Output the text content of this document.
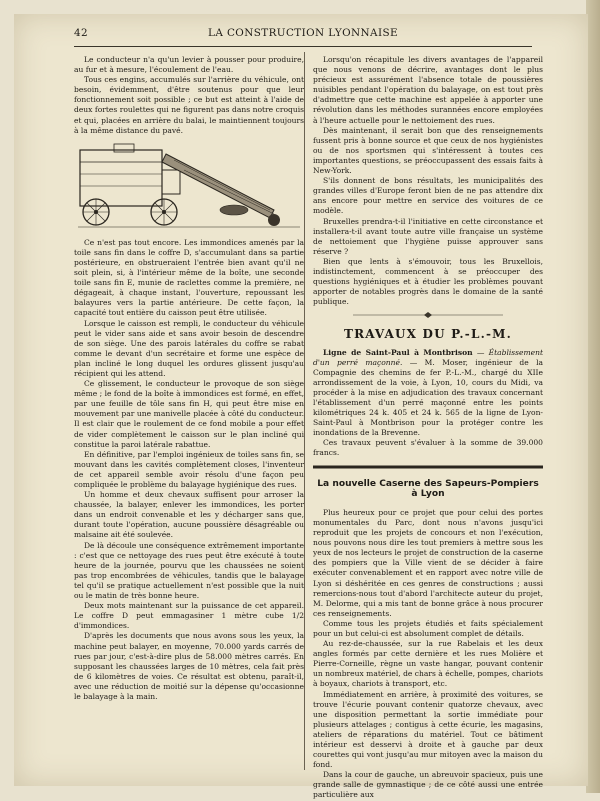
42	LA CONSTRUCTION LYONNAISE

Le conducteur n'a qu'un levier à pousser pour produire, au fur et à mesure, l'écoulement de l'eau.

Tous ces engins, accumulés sur l'arrière du véhicule, ont besoin, évidemment, d'être soutenus pour que leur fonctionnement soit possible ; ce but est atteint à l'aide de deux fortes roulettes qui ne figurent pas dans notre croquis et qui, placées en arrière du balai, le maintiennent toujours à la même distance du pavé.

Ce n'est pas tout encore. Les immondices amenés par la toile sans fin dans le coffre D, s'accumulant dans sa partie postérieure, en obstrueraient l'entrée bien avant qu'il ne soit plein, si, à l'intérieur même de la boîte, une seconde toile sans fin E, munie de raclettes comme la première, ne dégageait, à chaque instant, l'ouverture, repoussant les balayures vers la partie antérieure. De cette façon, la capacité tout entière du caisson peut être utilisée.

Lorsque le caisson est rempli, le conducteur du véhicule peut le vider sans aide et sans avoir besoin de descendre de son siège. Une des parois latérales du coffre se rabat comme le devant d'un secrétaire et forme une espèce de plan incliné le long duquel les ordures glissent jusqu'au récipient qui les attend.

Ce glissement, le conducteur le provoque de son siège même ; le fond de la boîte à immondices est formé, en effet, par une feuille de tôle sans fin H, qui peut être mise en mouvement par une manivelle placée à côté du conducteur. Il est clair que le roulement de ce fond mobile a pour effet de vider complètement le caisson sur le plan incliné qui constitue la paroi latérale rabattue.

En définitive, par l'emploi ingénieux de toiles sans fin, se mouvant dans les cavités complètement closes, l'inventeur de cet appareil semble avoir résolu d'une façon peu compliquée le problème du balayage hygiénique des rues.

Un homme et deux chevaux suffisent pour arroser la chaussée, la balayer, enlever les immondices, les porter dans un endroit convenable et les y décharger sans que, durant toute l'opération, aucune poussière désagréable ou malsaine ait été soulevée.

De là découle une conséquence extrêmement importante : c'est que ce nettoyage des rues peut être exécuté à toute heure de la journée, pourvu que les chaussées ne soient pas trop encombrées de véhicules, tandis que le balayage tel qu'il se pratique actuellement n'est possible que la nuit ou le matin de très bonne heure.

Deux mots maintenant sur la puissance de cet appareil. Le coffre D peut emmagasiner 1 mètre cube 1/2 d'immondices.

D'après les documents que nous avons sous les yeux, la machine peut balayer, en moyenne, 70.000 yards carrés de rues par jour, c'est-à-dire plus de 58.000 mètres carrés. En supposant les chaussées larges de 10 mètres, cela fait près de 6 kilomètres de voies. Ce résultat est obtenu, paraît-il, avec une réduction de moitié sur la dépense qu'occasionne le balayage à la main.

Lorsqu'on récapitule les divers avantages de l'appareil que nous venons de décrire, avantages dont le plus précieux est assurément l'absence totale de poussières nuisibles pendant l'opération du balayage, on est tout près d'admettre que cette machine est appelée à apporter une révolution dans les méthodes surannées encore employées à l'heure actuelle pour le nettoiement des rues.

Dès maintenant, il serait bon que des renseignements fussent pris à bonne source et que ceux de nos hygiénistes ou de nos sportsmen qui s'intéressent à toutes ces importantes questions, se préoccupassent des essais faits à New-York.

S'ils donnent de bons résultats, les municipalités des grandes villes d'Europe feront bien de ne pas attendre dix ans encore pour mettre en service des voitures de ce modèle.

Bruxelles prendra-t-il l'initiative en cette circonstance et installera-t-il avant toute autre ville française un système de nettoiement que l'hygiène puisse approuver sans réserve ?

Bien que lents à s'émouvoir, tous les Bruxellois, indistinctement, commencent à se préoccuper des questions hygiéniques et à étudier les problèmes pouvant apporter de notables progrès dans le domaine de la santé publique.

TRAVAUX DU P.-L.-M.

Ligne de Saint-Paul à Montbrison — Établissement d'un perré maçonné. — M. Moser, ingénieur de la Compagnie des chemins de fer P.-L.-M., chargé du XIIe arrondissement de la voie, à Lyon, 10, cours du Midi, va procéder à la mise en adjudication des travaux concernant l'établissement d'un perré maçonné entre les points kilométriques 24 k. 405 et 24 k. 565 de la ligne de Lyon-Saint-Paul à Montbrison pour la protéger contre les inondations de la Brevenne.

Ces travaux peuvent s'évaluer à la somme de 39.000 francs.

La nouvelle Caserne des Sapeurs-Pompiers à Lyon

Plus heureux pour ce projet que pour celui des portes monumentales du Parc, dont nous n'avons jusqu'ici reproduit que les projets de concours et non l'exécution, nous pouvons nous dire les tout premiers à mettre sous les yeux de nos lecteurs le projet de construction de la caserne des pompiers que la Ville vient de se décider à faire exécuter convenablement et en rapport avec notre ville de Lyon si déshéritée en ces genres de constructions ; aussi remercions-nous tout d'abord l'architecte auteur du projet, M. Delorme, qui a mis tant de bonne grâce à nous procurer ces renseignements.

Comme tous les projets étudiés et faits spécialement pour un but celui-ci est absolument complet de détails.

Au rez-de-chaussée, sur la rue Rabelais et les deux angles formés par cette dernière et les rues Molière et Pierre-Corneille, règne un vaste hangar, pouvant contenir un nombreux matériel, de chars à échelle, pompes, chariots à boyaux, chariots à transport, etc.

Immédiatement en arrière, à proximité des voitures, se trouve l'écurie pouvant contenir quatorze chevaux, avec une disposition permettant la sortie immédiate pour plusieurs attelages ; contigus à cette écurie, les magasins, ateliers de réparations du matériel. Tout ce bâtiment intérieur est desservi à droite et à gauche par deux courettes qui vont jusqu'au mur mitoyen avec la maison du fond.

Dans la cour de gauche, un abreuvoir spacieux, puis une grande salle de gymnastique ; de ce côté aussi une entrée particulière aux
